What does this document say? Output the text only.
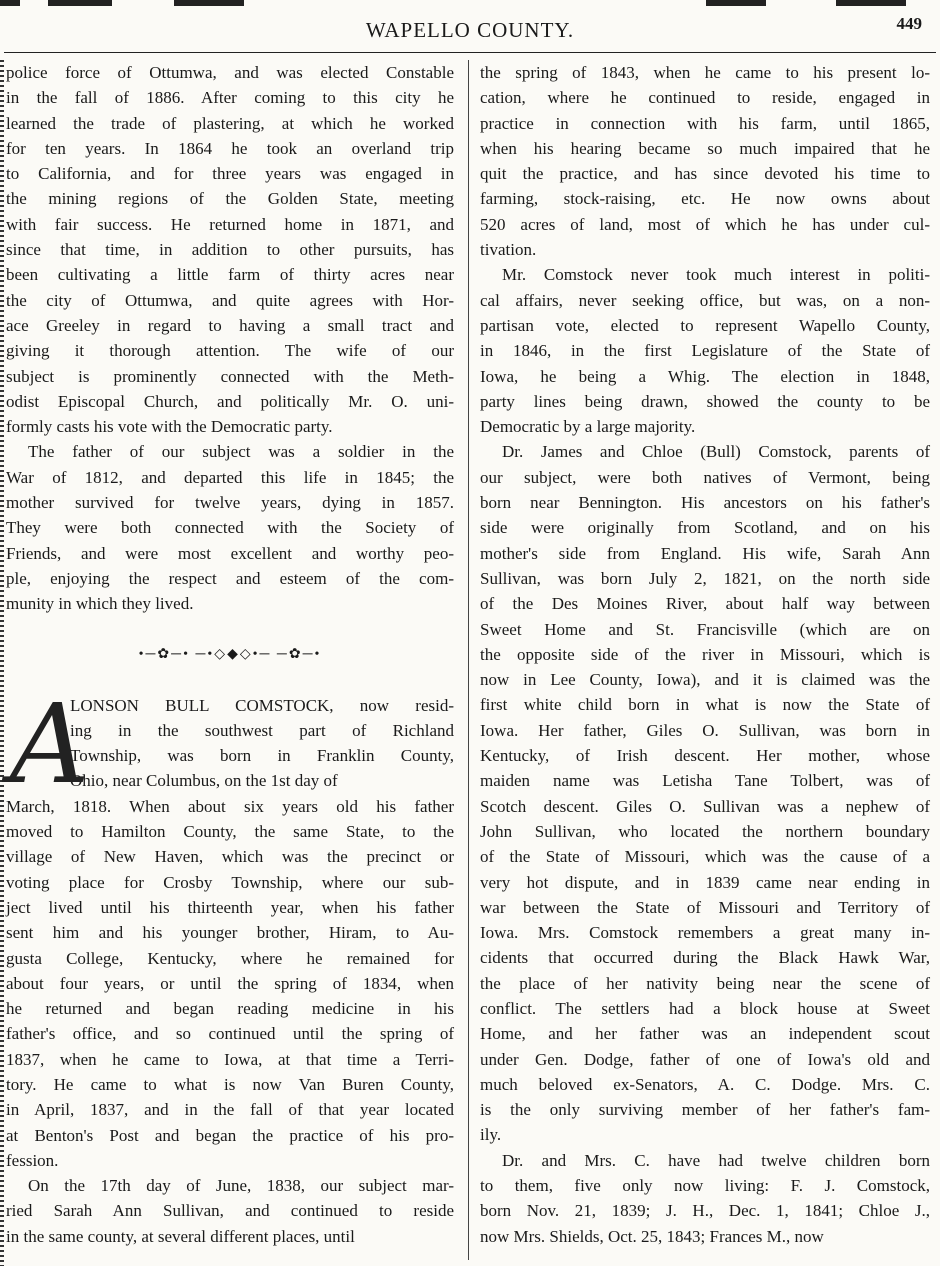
WAPELLO COUNTY.	449
police force of Ottumwa, and was elected Constable
in the fall of 1886. After coming to this city he
learned the trade of plastering, at which he worked
for ten years. In 1864 he took an overland trip
to California, and for three years was engaged in
the mining regions of the Golden State, meeting
with fair success. He returned home in 1871, and
since that time, in addition to other pursuits, has
been cultivating a little farm of thirty acres near
the city of Ottumwa, and quite agrees with Hor-
ace Greeley in regard to having a small tract and
giving it thorough attention. The wife of our
subject is prominently connected with the Meth-
odist Episcopal Church, and politically Mr. O. uni-
formly casts his vote with the Democratic party.
The father of our subject was a soldier in the
War of 1812, and departed this life in 1845; the
mother survived for twelve years, dying in 1857.
They were both connected with the Society of
Friends, and were most excellent and worthy peo-
ple, enjoying the respect and esteem of the com-
munity in which they lived.
•─✿─• ─•◇◆◇•─ ─✿─•
A
LONSON BULL COMSTOCK, now resid-
ing in the southwest part of Richland
Township, was born in Franklin County,
Ohio, near Columbus, on the 1st day of
March, 1818. When about six years old his father
moved to Hamilton County, the same State, to the
village of New Haven, which was the precinct or
voting place for Crosby Township, where our sub-
ject lived until his thirteenth year, when his father
sent him and his younger brother, Hiram, to Au-
gusta College, Kentucky, where he remained for
about four years, or until the spring of 1834, when
he returned and began reading medicine in his
father's office, and so continued until the spring of
1837, when he came to Iowa, at that time a Terri-
tory. He came to what is now Van Buren County,
in April, 1837, and in the fall of that year located
at Benton's Post and began the practice of his pro-
fession.
On the 17th day of June, 1838, our subject mar-
ried Sarah Ann Sullivan, and continued to reside
in the same county, at several different places, until
the spring of 1843, when he came to his present lo-
cation, where he continued to reside, engaged in
practice in connection with his farm, until 1865,
when his hearing became so much impaired that he
quit the practice, and has since devoted his time to
farming, stock-raising, etc. He now owns about
520 acres of land, most of which he has under cul-
tivation.
Mr. Comstock never took much interest in politi-
cal affairs, never seeking office, but was, on a non-
partisan vote, elected to represent Wapello County,
in 1846, in the first Legislature of the State of
Iowa, he being a Whig. The election in 1848,
party lines being drawn, showed the county to be
Democratic by a large majority.
Dr. James and Chloe (Bull) Comstock, parents of
our subject, were both natives of Vermont, being
born near Bennington. His ancestors on his father's
side were originally from Scotland, and on his
mother's side from England. His wife, Sarah Ann
Sullivan, was born July 2, 1821, on the north side
of the Des Moines River, about half way between
Sweet Home and St. Francisville (which are on
the opposite side of the river in Missouri, which is
now in Lee County, Iowa), and it is claimed was the
first white child born in what is now the State of
Iowa. Her father, Giles O. Sullivan, was born in
Kentucky, of Irish descent. Her mother, whose
maiden name was Letisha Tane Tolbert, was of
Scotch descent. Giles O. Sullivan was a nephew of
John Sullivan, who located the northern boundary
of the State of Missouri, which was the cause of a
very hot dispute, and in 1839 came near ending in
war between the State of Missouri and Territory of
Iowa. Mrs. Comstock remembers a great many in-
cidents that occurred during the Black Hawk War,
the place of her nativity being near the scene of
conflict. The settlers had a block house at Sweet
Home, and her father was an independent scout
under Gen. Dodge, father of one of Iowa's old and
much beloved ex-Senators, A. C. Dodge. Mrs. C.
is the only surviving member of her father's fam-
ily.
Dr. and Mrs. C. have had twelve children born
to them, five only now living: F. J. Comstock,
born Nov. 21, 1839; J. H., Dec. 1, 1841; Chloe J.,
now Mrs. Shields, Oct. 25, 1843; Frances M., now
